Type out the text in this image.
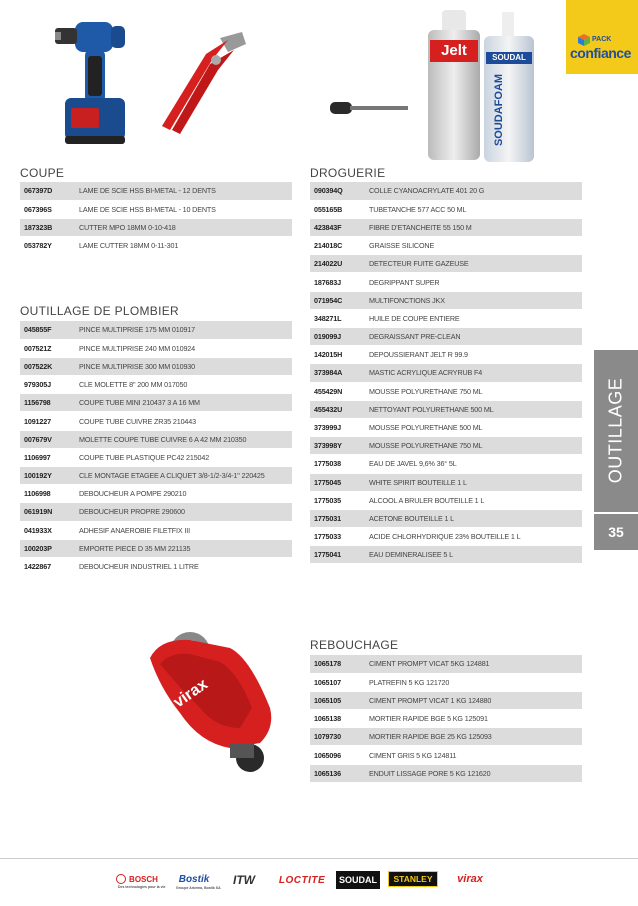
PACK
confiance
Jelt	SOUDAL
SOUDAFOAM
COUPE
067397D	LAME DE SCIE HSS BI-METAL - 12 DENTS
067396S	LAME DE SCIE HSS BI-METAL - 10 DENTS
187323B	CUTTER MPO 18MM 0-10-418
053782Y	LAME CUTTER 18MM 0-11-301
OUTILLAGE DE PLOMBIER
045855F	PINCE MULTIPRISE 175 MM 010917
007521Z	PINCE MULTIPRISE 240 MM 010924
007522K	PINCE MULTIPRISE 300 MM 010930
979305J	CLE MOLETTE 8" 200 MM 017050
1156798	COUPE TUBE MINI 210437 3 A 16 MM
1091227	COUPE TUBE CUIVRE ZR35 210443
007679V	MOLETTE COUPE TUBE CUIVRE 6 A 42 MM 210350
1106997	COUPE TUBE PLASTIQUE PC42 215042
100192Y	CLE MONTAGE ETAGEE A CLIQUET 3/8-1/2-3/4-1" 220425
1106998	DEBOUCHEUR A POMPE 290210
061919N	DEBOUCHEUR PROPRE 290600
041933X	ADHESIF ANAEROBIE FILETFIX III
100203P	EMPORTE PIECE D 35 MM 221135
1422867	DEBOUCHEUR INDUSTRIEL 1 LITRE
DROGUERIE
090394Q	COLLE CYANOACRYLATE 401 20 G
055165B	TUBETANCHE 577 ACC 50 ML
423843F	FIBRE D'ETANCHEITE 55 150 M
214018C	GRAISSE SILICONE
214022U	DETECTEUR FUITE GAZEUSE
187683J	DEGRIPPANT SUPER
071954C	MULTIFONCTIONS JKX
348271L	HUILE DE COUPE ENTIERE
019099J	DEGRAISSANT PRE-CLEAN
142015H	DEPOUSSIERANT JELT R 99.9
373984A	MASTIC ACRYLIQUE ACRYRUB F4
455429N	MOUSSE POLYURETHANE 750 ML
455432U	NETTOYANT POLYURETHANE 500 ML
373999J	MOUSSE POLYURETHANE 500 ML
373998Y	MOUSSE POLYURETHANE 750 ML
1775038	EAU DE JAVEL 9,6% 36° 5L
1775045	WHITE SPIRIT BOUTEILLE 1 L
1775035	ALCOOL A BRULER BOUTEILLE 1 L
1775031	ACETONE BOUTEILLE 1 L
1775033	ACIDE CHLORHYDRIQUE 23% BOUTEILLE 1 L
1775041	EAU DEMINERALISEE 5 L
OUTILLAGE
35
virax
REBOUCHAGE
1065178	CIMENT PROMPT VICAT 5KG 124881
1065107	PLATREFIN 5 KG 121720
1065105	CIMENT PROMPT VICAT 1 KG 124880
1065138	MORTIER RAPIDE BGE 5 KG 125091
1079730	MORTIER RAPIDE BGE 25 KG 125093
1065096	CIMENT GRIS 5 KG 124811
1065136	ENDUIT LISSAGE PORE 5 KG 121620
BOSCH
Des technologies pour la vie
Bostik
Groupe Arkema, Bostik SA
ITW LOCTITE SOUDAL STANLEY virax
